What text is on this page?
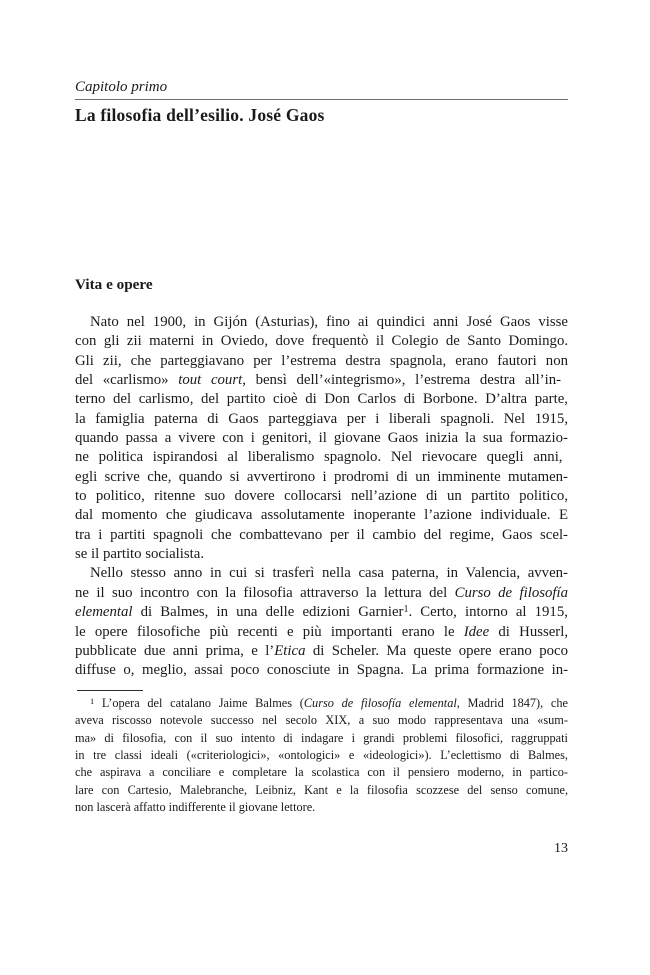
Capitolo primo
La filosofia dell’esilio. José Gaos
Vita e opere
Nato nel 1900, in Gijón (Asturias), fino ai quindici anni José Gaos visse
con gli zii materni in Oviedo, dove frequentò il Colegio de Santo Domingo.
Gli zii, che parteggiavano per l’estrema destra spagnola, erano fautori non
del «carlismo» tout court, bensì dell’«integrismo», l’estrema destra all’in-
terno del carlismo, del partito cioè di Don Carlos di Borbone. D’altra parte,
la famiglia paterna di Gaos parteggiava per i liberali spagnoli. Nel 1915,
quando passa a vivere con i genitori, il giovane Gaos inizia la sua formazio-
ne politica ispirandosi al liberalismo spagnolo. Nel rievocare quegli anni,
egli scrive che, quando si avvertirono i prodromi di un imminente mutamen-
to politico, ritenne suo dovere collocarsi nell’azione di un partito politico,
dal momento che giudicava assolutamente inoperante l’azione individuale. E
tra i partiti spagnoli che combattevano per il cambio del regime, Gaos scel-
se il partito socialista.
Nello stesso anno in cui si trasferì nella casa paterna, in Valencia, avven-
ne il suo incontro con la filosofia attraverso la lettura del Curso de filosofía
elemental di Balmes, in una delle edizioni Garnier$^1$. Certo, intorno al 1915,
le opere filosofiche più recenti e più importanti erano le Idee di Husserl,
pubblicate due anni prima, e l’Etica di Scheler. Ma queste opere erano poco
diffuse o, meglio, assai poco conosciute in Spagna. La prima formazione in-
$^1$ L’opera del catalano Jaime Balmes (Curso de filosofía elemental, Madrid 1847), che
aveva riscosso notevole successo nel secolo XIX, a suo modo rappresentava una «sum-
ma» di filosofia, con il suo intento di indagare i grandi problemi filosofici, raggruppati
in tre classi ideali («criteriologici», «ontologici» e «ideologici»). L’eclettismo di Balmes,
che aspirava a conciliare e completare la scolastica con il pensiero moderno, in partico-
lare con Cartesio, Malebranche, Leibniz, Kant e la filosofia scozzese del senso comune,
non lascerà affatto indifferente il giovane lettore.
13
